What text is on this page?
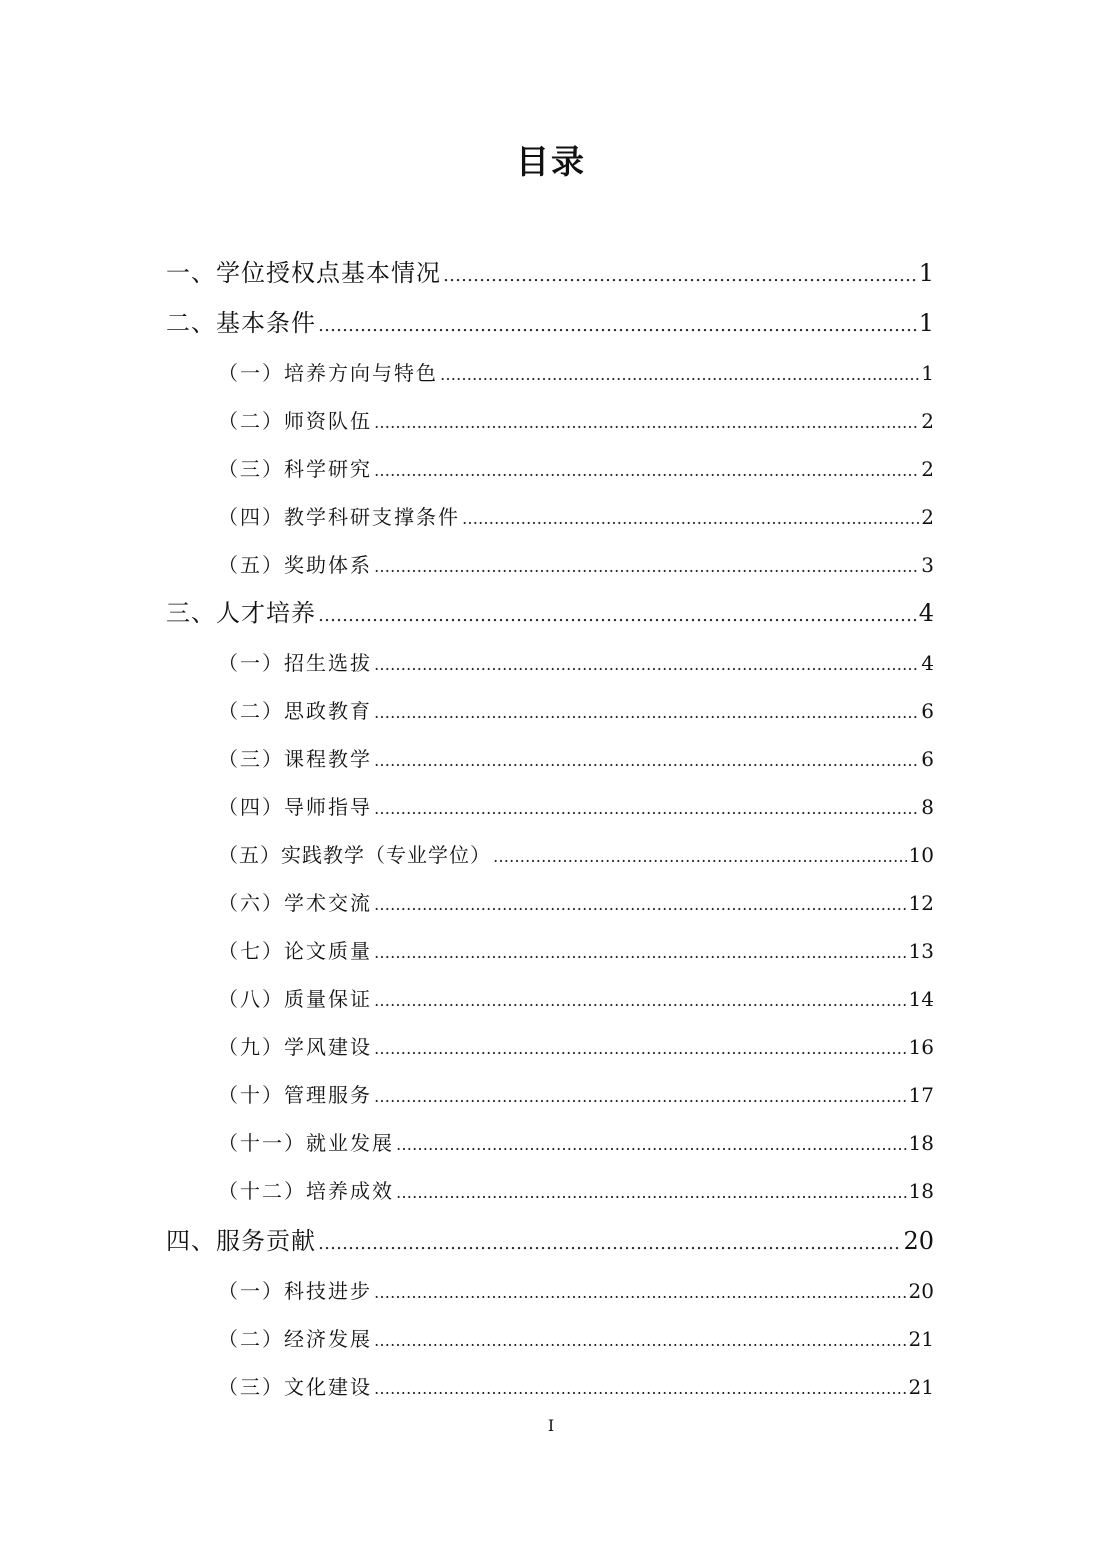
目录
一、学位授权点基本情况 …………………………………………………………………………………………………………………………………………………………………………………………	1
二、基本条件 …………………………………………………………………………………………………………………………………………………………………………………………	1
（一）培养方向与特色 …………………………………………………………………………………………………………………………………………………………………………………………	1
（二）师资队伍 …………………………………………………………………………………………………………………………………………………………………………………………	2
（三）科学研究 …………………………………………………………………………………………………………………………………………………………………………………………	2
（四）教学科研支撑条件 …………………………………………………………………………………………………………………………………………………………………………………………	2
（五）奖助体系 …………………………………………………………………………………………………………………………………………………………………………………………	3
三、人才培养 …………………………………………………………………………………………………………………………………………………………………………………………	4
（一）招生选拔 …………………………………………………………………………………………………………………………………………………………………………………………	4
（二）思政教育 …………………………………………………………………………………………………………………………………………………………………………………………	6
（三）课程教学 …………………………………………………………………………………………………………………………………………………………………………………………	6
（四）导师指导 …………………………………………………………………………………………………………………………………………………………………………………………	8
（五）实践教学（专业学位） …………………………………………………………………………………………………………………………………………………………………………………………	10
（六）学术交流 …………………………………………………………………………………………………………………………………………………………………………………………	12
（七）论文质量 …………………………………………………………………………………………………………………………………………………………………………………………	13
（八）质量保证 …………………………………………………………………………………………………………………………………………………………………………………………	14
（九）学风建设 …………………………………………………………………………………………………………………………………………………………………………………………	16
（十）管理服务 …………………………………………………………………………………………………………………………………………………………………………………………	17
（十一）就业发展 …………………………………………………………………………………………………………………………………………………………………………………………	18
（十二）培养成效 …………………………………………………………………………………………………………………………………………………………………………………………	18
四、服务贡献 …………………………………………………………………………………………………………………………………………………………………………………………	20
（一）科技进步 …………………………………………………………………………………………………………………………………………………………………………………………	20
（二）经济发展 …………………………………………………………………………………………………………………………………………………………………………………………	21
（三）文化建设 …………………………………………………………………………………………………………………………………………………………………………………………	21
I
